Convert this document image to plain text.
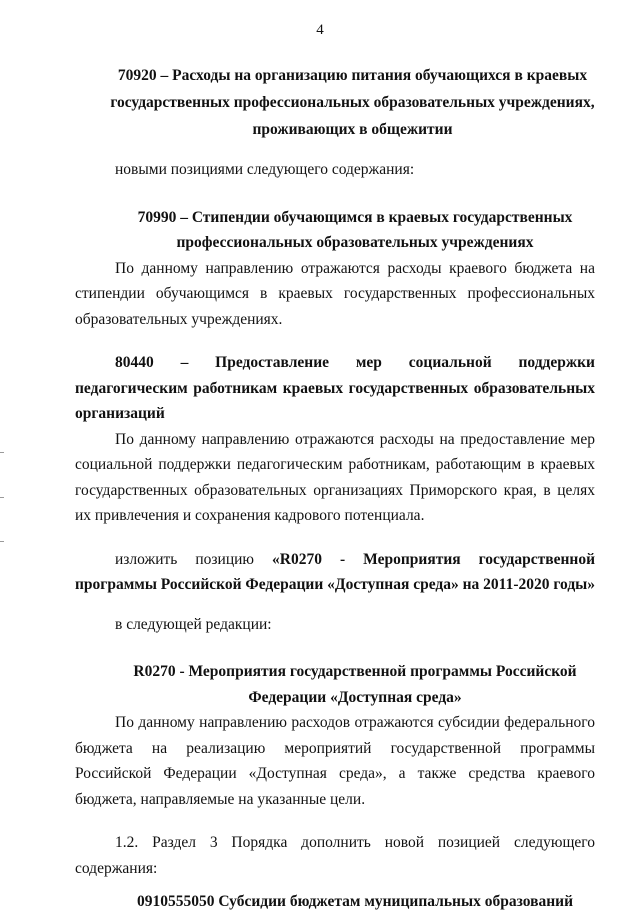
4

70920 – Расходы на организацию питания обучающихся в краевых государственных профессиональных образовательных учреждениях, проживающих в общежитии

новыми позициями следующего содержания:

70990 – Стипендии обучающимся в краевых государственных профессиональных образовательных учреждениях

По данному направлению отражаются расходы краевого бюджета на стипендии обучающимся в краевых государственных профессиональных образовательных учреждениях.

80440 – Предоставление мер социальной поддержки педагогическим работникам краевых государственных образовательных организаций

По данному направлению отражаются расходы на предоставление мер социальной поддержки педагогическим работникам, работающим в краевых государственных образовательных организациях Приморского края, в целях их привлечения и сохранения кадрового потенциала.

изложить позицию «R0270 - Мероприятия государственной программы Российской Федерации «Доступная среда» на 2011-2020 годы»

в следующей редакции:

R0270 - Мероприятия государственной программы Российской Федерации «Доступная среда»

По данному направлению расходов отражаются субсидии федерального бюджета на реализацию мероприятий государственной программы Российской Федерации «Доступная среда», а также средства краевого бюджета, направляемые на указанные цели.

1.2. Раздел 3 Порядка дополнить новой позицией следующего содержания:

0910555050 Субсидии бюджетам муниципальных образований
